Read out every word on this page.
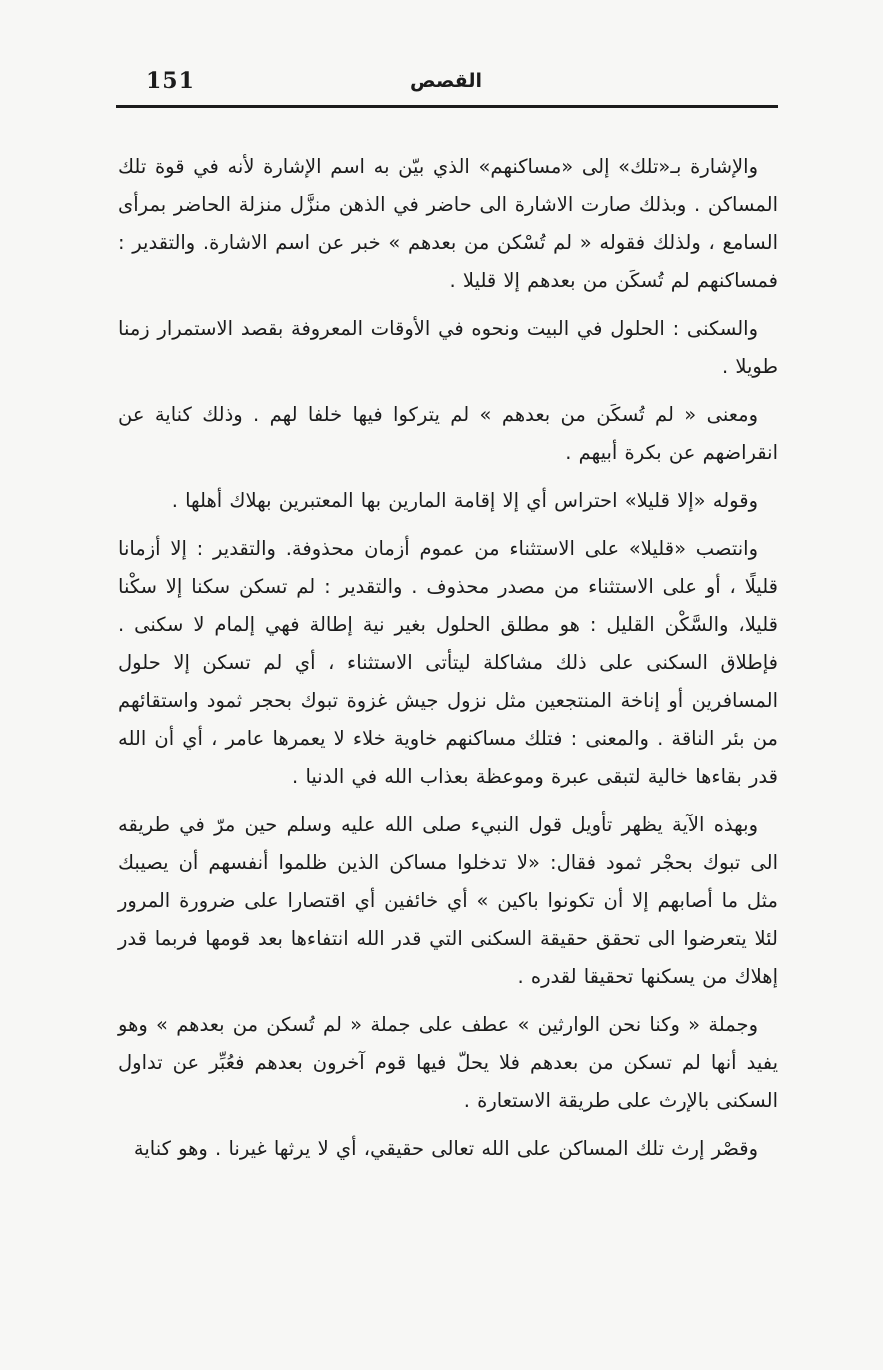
151	القصص

والإشارة بـ«تلك» إلى «مساكنهم» الذي بيّن به اسم الإشارة لأنه في قوة تلك المساكن . وبذلك صارت الاشارة الى حاضر في الذهن منزَّل منزلة الحاضر بمرأى السامع ، ولذلك فقوله « لم تُسْكن من بعدهم » خبر عن اسم الاشارة. والتقدير : فمساكنهم لم تُسكَن من بعدهم إلا قليلا .

والسكنى : الحلول في البيت ونحوه في الأوقات المعروفة بقصد الاستمرار زمنا طويلا .

ومعنى « لم تُسكَن من بعدهم » لم يتركوا فيها خلفا لهم . وذلك كناية عن انقراضهم عن بكرة أبيهم .

وقوله «إلا قليلا» احتراس أي إلا إقامة المارين بها المعتبرين بهلاك أهلها .

وانتصب «قليلا» على الاستثناء من عموم أزمان محذوفة. والتقدير : إلا أزمانا قليلًا ، أو على الاستثناء من مصدر محذوف . والتقدير : لم تسكن سكنا إلا سكْنا قليلا، والسَّكْن القليل : هو مطلق الحلول بغير نية إطالة فهي إلمام لا سكنى . فإطلاق السكنى على ذلك مشاكلة ليتأتى الاستثناء ، أي لم تسكن إلا حلول المسافرين أو إناخة المنتجعين مثل نزول جيش غزوة تبوك بحجر ثمود واستقائهم من بئر الناقة . والمعنى : فتلك مساكنهم خاوية خلاء لا يعمرها عامر ، أي أن الله قدر بقاءها خالية لتبقى عبرة وموعظة بعذاب الله في الدنيا .

وبهذه الآية يظهر تأويل قول النبيء صلى الله عليه وسلم حين مرّ في طريقه الى تبوك بحجْر ثمود فقال: «لا تدخلوا مساكن الذين ظلموا أنفسهم أن يصيبك مثل ما أصابهم إلا أن تكونوا باكين » أي خائفين أي اقتصارا على ضرورة المرور لئلا يتعرضوا الى تحقق حقيقة السكنى التي قدر الله انتفاءها بعد قومها فربما قدر إهلاك من يسكنها تحقيقا لقدره .

وجملة « وكنا نحن الوارثين » عطف على جملة « لم تُسكن من بعدهم » وهو يفيد أنها لم تسكن من بعدهم فلا يحلّ فيها قوم آخرون بعدهم فعُبِّر عن تداول السكنى بالإرث على طريقة الاستعارة .

وقصْر إرث تلك المساكن على الله تعالى حقيقي، أي لا يرثها غيرنا . وهو كناية
